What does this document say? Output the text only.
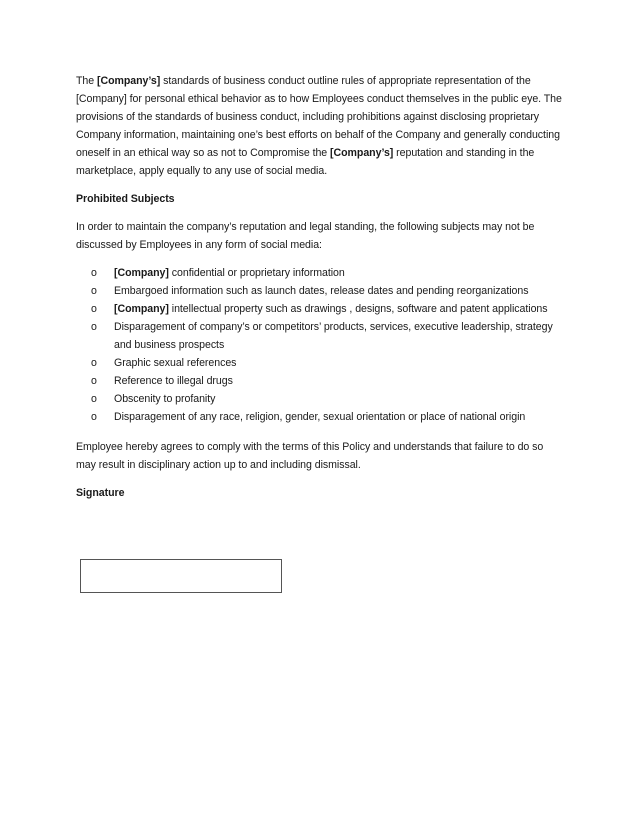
The [Company’s] standards of business conduct outline rules of appropriate representation of the [Company] for personal ethical behavior as to how Employees conduct themselves in the public eye. The provisions of the standards of business conduct, including prohibitions against disclosing proprietary Company information, maintaining one’s best efforts on behalf of the Company and generally conducting oneself in an ethical way so as not to Compromise the [Company’s] reputation and standing in the marketplace, apply equally to any use of social media.

Prohibited Subjects

In order to maintain the company’s reputation and legal standing, the following subjects may not be discussed by Employees in any form of social media:

o	[Company] confidential or proprietary information
o	Embargoed information such as launch dates, release dates and pending reorganizations
o	[Company] intellectual property such as drawings , designs, software and patent applications
o	Disparagement of company’s or competitors’ products, services, executive leadership, strategy and business prospects
o	Graphic sexual references
o	Reference to illegal drugs
o	Obscenity to profanity
o	Disparagement of any race, religion, gender, sexual orientation or place of national origin

Employee hereby agrees to comply with the terms of this Policy and understands that failure to do so may result in disciplinary action up to and including dismissal.

Signature
